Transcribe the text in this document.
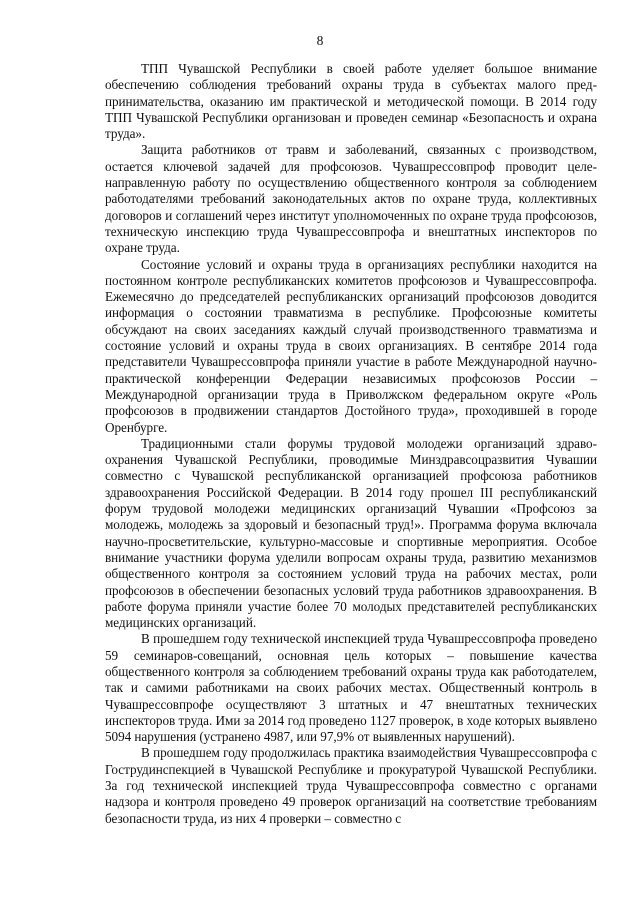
8

ТПП Чувашской Республики в своей работе уделяет большое внимание обеспечению соблюдения требований охраны труда в субъектах малого предпринимательства, оказанию им практической и методической помощи. В 2014 году ТПП Чувашской Республики организован и проведен семинар «Безопасность и охрана труда».

Защита работников от травм и заболеваний, связанных с производством, остается ключевой задачей для профсоюзов. Чувашрессовпроф проводит целенаправленную работу по осуществлению общественного контроля за соблюдением работодателями требований законодательных актов по охране труда, коллективных договоров и соглашений через институт уполномоченных по охране труда профсоюзов, техническую инспекцию труда Чувашрессовпрофа и внештатных инспекторов по охране труда.

Состояние условий и охраны труда в организациях республики находится на постоянном контроле республиканских комитетов профсоюзов и Чувашрессовпрофа. Ежемесячно до председателей республиканских организаций профсоюзов доводится информация о состоянии травматизма в республике. Профсоюзные комитеты обсуждают на своих заседаниях каждый случай производственного травматизма и состояние условий и охраны труда в своих организациях. В сентябре 2014 года представители Чувашрессовпрофа приняли участие в работе Международной научно-практической конференции Федерации независимых профсоюзов России – Международной организации труда в Приволжском федеральном округе «Роль профсоюзов в продвижении стандартов Достойного труда», проходившей в городе Оренбурге.

Традиционными стали форумы трудовой молодежи организаций здравоохранения Чувашской Республики, проводимые Минздравсоцразвития Чувашии совместно с Чувашской республиканской организацией профсоюза работников здравоохранения Российской Федерации. В 2014 году прошел III республиканский форум трудовой молодежи медицинских организаций Чувашии «Профсоюз за молодежь, молодежь за здоровый и безопасный труд!». Программа форума включала научно-просветительские, культурно-массовые и спортивные мероприятия. Особое внимание участники форума уделили вопросам охраны труда, развитию механизмов общественного контроля за состоянием условий труда на рабочих местах, роли профсоюзов в обеспечении безопасных условий труда работников здравоохранения. В работе форума приняли участие более 70 молодых представителей республиканских медицинских организаций.

В прошедшем году технической инспекцией труда Чувашрессовпрофа проведено 59 семинаров-совещаний, основная цель которых – повышение качества общественного контроля за соблюдением требований охраны труда как работодателем, так и самими работниками на своих рабочих местах. Общественный контроль в Чувашрессовпрофе осуществляют 3 штатных и 47 внештатных технических инспекторов труда. Ими за 2014 год проведено 1127 проверок, в ходе которых выявлено 5094 нарушения (устранено 4987, или 97,9% от выявленных нарушений).

В прошедшем году продолжилась практика взаимодействия Чувашрессовпрофа с Гострудинспекцией в Чувашской Республике и прокуратурой Чувашской Республики. За год технической инспекцией труда Чувашрессовпрофа совместно с органами надзора и контроля проведено 49 проверок организаций на соответствие требованиям безопасности труда, из них 4 проверки – совместно с
